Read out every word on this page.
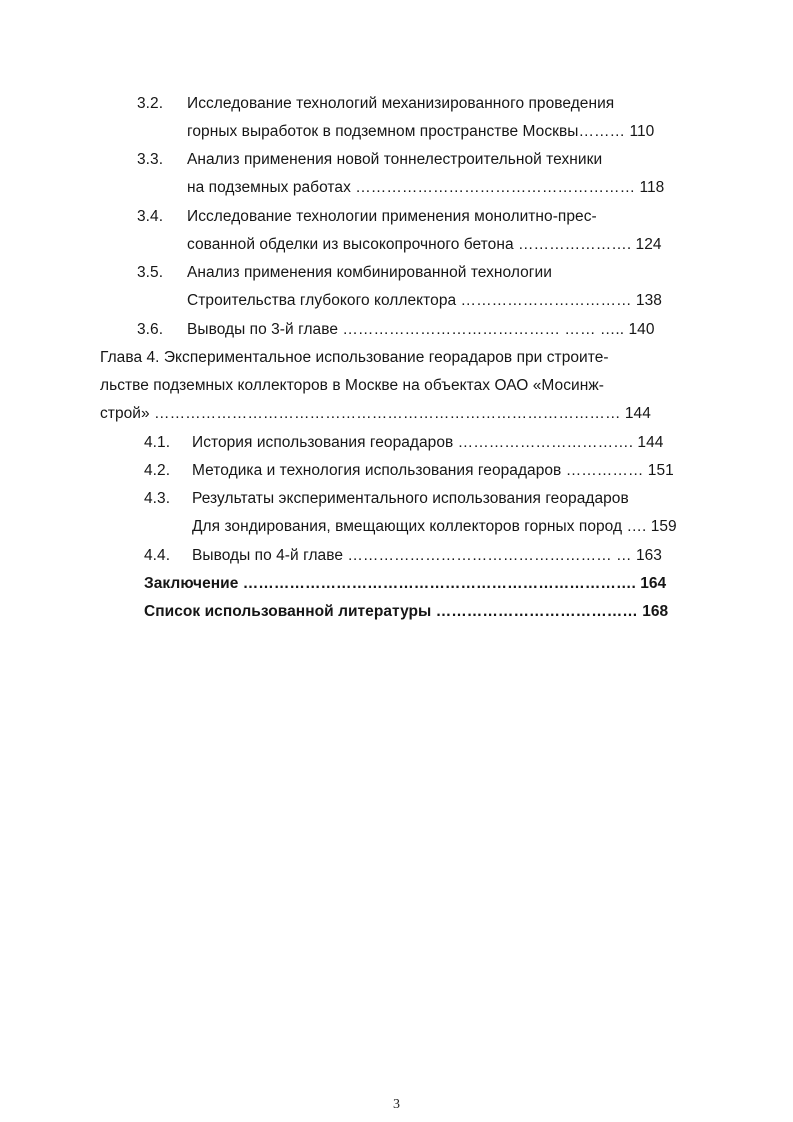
3.2. Исследование технологий механизированного проведения
горных выработок в подземном пространстве Москвы……… 110
3.3. Анализ применения новой тоннелестроительной техники
на подземных работах ……………………………………………… 118
3.4. Исследование технологии применения монолитно-прес-
сованной обделки из высокопрочного бетона …………………. 124
3.5. Анализ применения комбинированной технологии
Строительства глубокого коллектора …………………………… 138
3.6. Выводы по 3-й главе …………………………………… …… ….. 140
Глава 4. Экспериментальное использование георадаров при строите-
льстве подземных коллекторов в Москве на объектах ОАО «Мосинж-
строй» ……………………………………………………………………………… 144
4.1. История использования георадаров ……………………………. 144
4.2. Методика и технология использования георадаров …………… 151
4.3. Результаты экспериментального использования георадаров
Для зондирования, вмещающих коллекторов горных пород …. 159
4.4. Выводы по 4-й главе …………………………………………… … 163
Заключение …………………………………………………………………. 164
Список использованной литературы ………………………………… 168
3
